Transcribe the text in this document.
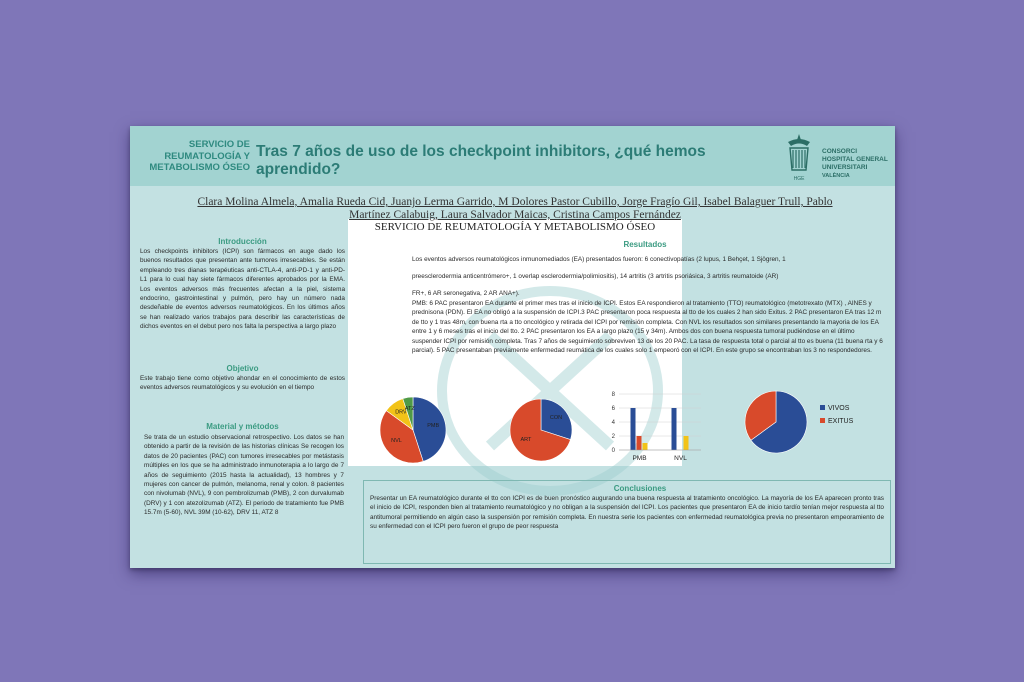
SERVICIO DE REUMATOLOGÍA Y METABOLISMO ÓSEO
Tras 7 años de uso de los checkpoint inhibitors, ¿qué hemos aprendido?
HGE
CONSORCI
HOSPITAL GENERAL
UNIVERSITARI
VALÈNCIA
Clara Molina Almela, Amalia Rueda Cid, Juanjo Lerma Garrido, M Dolores Pastor Cubillo, Jorge Fragío Gil, Isabel Balaguer Trull, Pablo Martínez Calabuig, Laura Salvador Maicas, Cristina Campos Fernández
SERVICIO DE REUMATOLOGÍA Y METABOLISMO ÓSEO
Introducción
Los checkpoints inhibitors (ICPI) son fármacos en auge dado los buenos resultados que presentan ante tumores irresecables. Se están empleando tres dianas terapéuticas anti-CTLA-4, anti-PD-1 y anti-PD-L1 para lo cual hay siete fármacos diferentes aprobados por la EMA. Los eventos adversos más frecuentes afectan a la piel, sistema endocrino, gastrointestinal y pulmón, pero hay un número nada desdeñable de eventos adversos reumatológicos. En los últimos años se han realizado varios trabajos para describir las características de dichos eventos en el debut pero nos falta la perspectiva a largo plazo
Objetivo
Este trabajo tiene como objetivo ahondar en el conocimiento de estos eventos adversos reumatológicos y su evolución en el tiempo
Material y métodos
Se trata de un estudio observacional retrospectivo. Los datos se han obtenido a partir de la revisión de las historias clínicas Se recogen los datos de 20 pacientes (PAC) con tumores irresecables por metástasis múltiples en los que se ha administrado inmunoterapia a lo largo de 7 años de seguimiento (2015 hasta la actualidad), 13 hombres y 7 mujeres con cancer de pulmón, melanoma, renal y colon. 8 pacientes con nivolumab (NVL), 9 con pembrolizumab (PMB), 2 con durvalumab (DRV) y 1 con atezolizumab (ATZ). El periodo de tratamiento fue PMB 15.7m (5-60), NVL 39M (10-62), DRV 11, ATZ 8
Resultados
Los eventos adversos reumatológicos inmunomediados (EA) presentados fueron: 6 conectivopatías (2 lupus, 1 Behçet, 1 Sjögren, 1
preesclerodermia anticentrómero+, 1 overlap esclerodermia/polimiositis), 14 artritis (3 artritis psoriásica, 3 artritis reumatoide (AR)
FR+, 6 AR seronegativa, 2 AR ANA+).
PMB: 6 PAC presentaron EA durante el primer mes tras el inicio de ICPI. Estos EA respondieron al tratamiento (TTO) reumatológico (metotrexato (MTX) , AINES y prednisona (PDN). El EA no obligó a la suspensión de ICPI.3 PAC presentaron poca respuesta al tto de los cuales 2 han sido Exitus. 2 PAC presentaron EA tras 12 m de tto y 1 tras 48m, con buena rta a tto oncológico y retirada del ICPI por remisión completa. Con NVL los resultados son similares presentando la mayoria de los EA entre 1 y 6 meses tras el inicio del tto. 2 PAC presentaron los EA a largo plazo (15 y 34m). Ambos dos con buena respuesta tumoral pudiéndose en el último suspender ICPI por remisión completa. Tras 7 años de seguimiento sobreviven 13 de los 20 PAC. La tasa de respuesta total o parcial al tto es buena (11 buena rta y 6 parcial). 5 PAC presentaban previamente enfermedad reumática de los cuales solo 1 empeoró con el ICPI. En este grupo se encontraban los 3 no respondedores.
PMB
NVL
DRV
ATZ
CON
ART
0
2
4
6
8
PMB	NVL
VIVOS
EXITUS
Conclusiones
Presentar un EA reumatológico durante el tto con ICPI es de buen pronóstico augurando una buena respuesta al tratamiento oncológico. La mayoría de los EA aparecen pronto tras el inicio de ICPI, responden bien al tratamiento reumatológico y no obligan a la suspensión del ICPI. Los pacientes que presentaron EA de inicio tardío tenían mejor respuesta al tto antitumoral permitiendo en algún caso la suspensión por remisión completa. En nuestra serie los pacientes con enfermedad reumatológica previa no presentaron empeoramiento de su enfermedad con el ICPI pero fueron el grupo de peor respuesta
